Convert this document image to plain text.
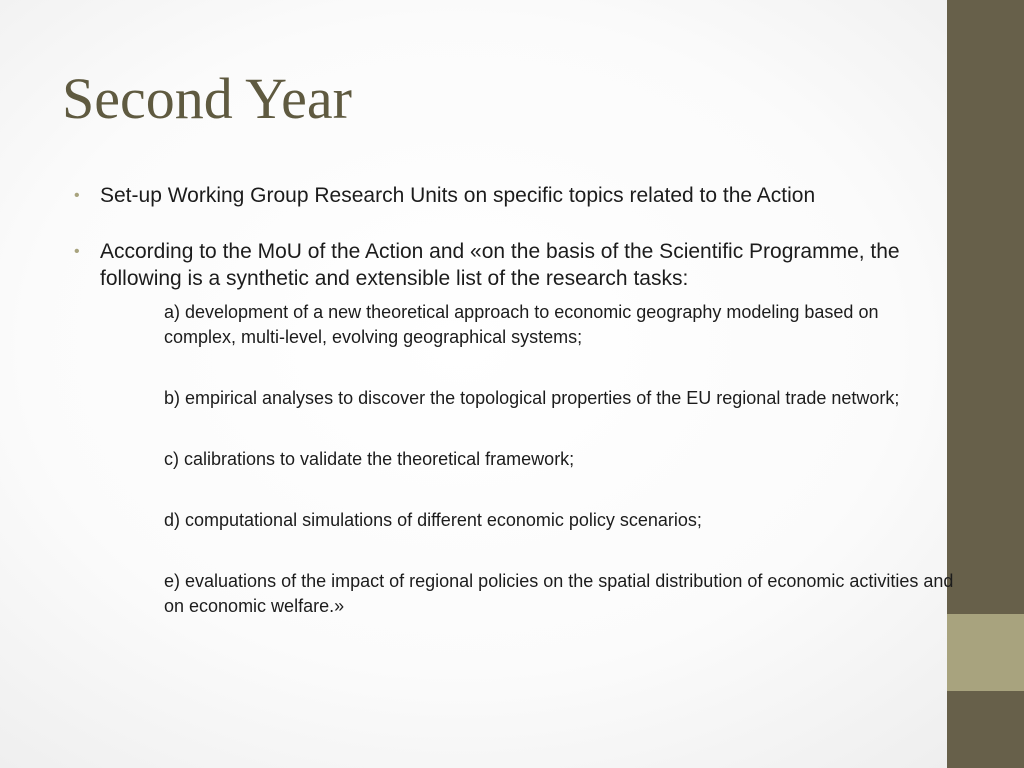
Second Year
• Set-up Working Group Research Units on specific topics related to the Action
• According to the MoU of the Action and «on the basis of the Scientific Programme, the following is a synthetic and extensible list of the research tasks:
a) development of a new theoretical approach to economic geography modeling based on complex, multi-level, evolving geographical systems;
b) empirical analyses to discover the topological properties of the EU regional trade network;
c) calibrations to validate the theoretical framework;
d) computational simulations of different economic policy scenarios;
e) evaluations of the impact of regional policies on the spatial distribution of economic activities and on economic welfare.»
